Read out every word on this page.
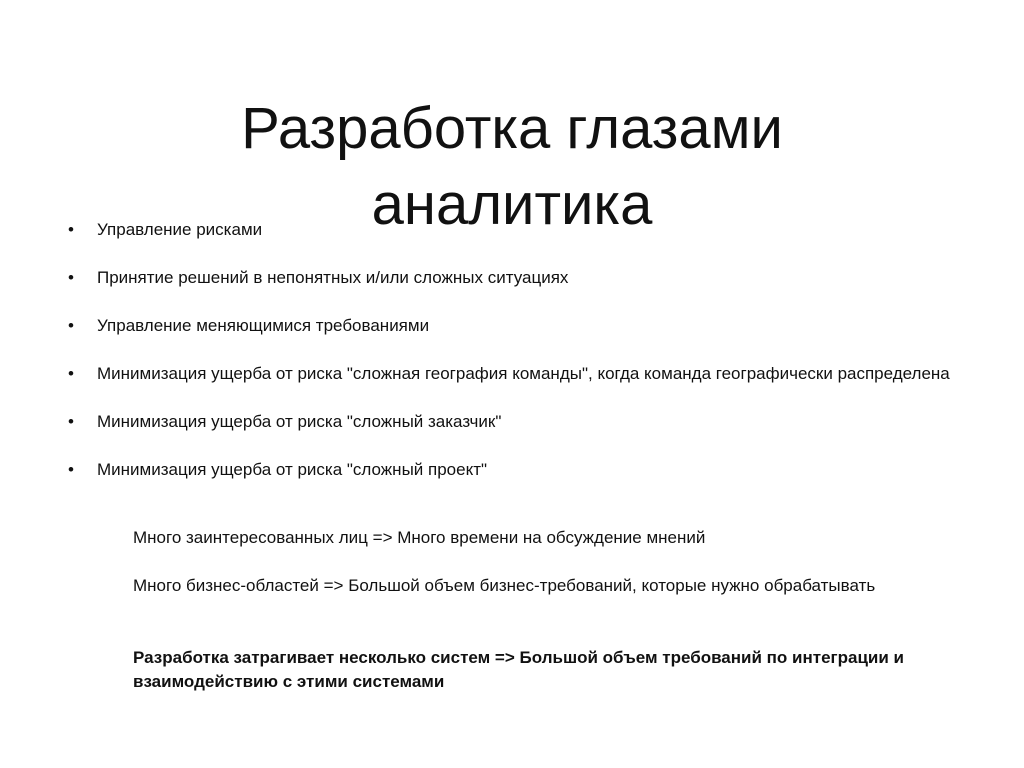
Разработка глазами
аналитика
• Управление рисками
• Принятие решений в непонятных и/или сложных ситуациях
• Управление меняющимися требованиями
• Минимизация ущерба от риска "сложная география команды", когда команда географически распределена
• Минимизация ущерба от риска "сложный заказчик"
• Минимизация ущерба от риска "сложный проект"
Много заинтересованных лиц => Много времени на обсуждение мнений
Много бизнес-областей => Большой объем бизнес-требований, которые нужно обрабатывать
Разработка затрагивает несколько систем => Большой объем требований по интеграции и взаимодействию с этими системами
